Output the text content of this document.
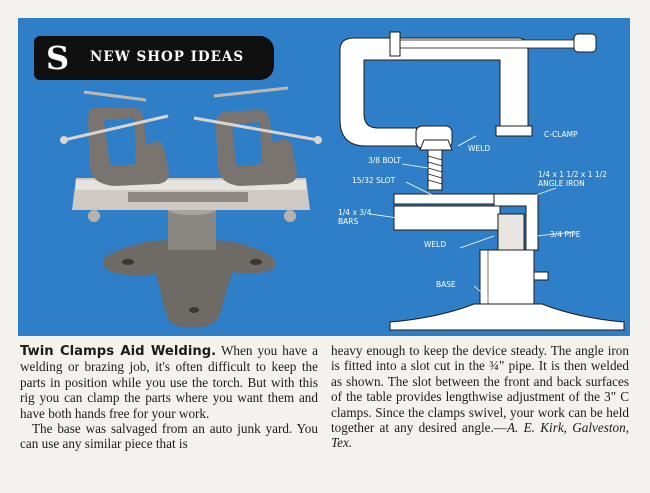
S NEW SHOP IDEAS
C-CLAMP
WELD
3/8 BOLT
15/32 SLOT
1/4 x 1 1/2 x 1 1/2 ANGLE IRON
1/4 x 3/4 BARS
3/4 PIPE
WELD
BASE

Twin Clamps Aid Welding. When you have a welding or brazing job, it's often difficult to keep the parts in position while you use the torch. But with this rig you can clamp the parts where you want them and have both hands free for your work.

The base was salvaged from an auto junk yard. You can use any similar piece that is

heavy enough to keep the device steady. The angle iron is fitted into a slot cut in the ¾" pipe. It is then welded as shown. The slot between the front and back surfaces of the table provides lengthwise adjustment of the 3" C clamps. Since the clamps swivel, your work can be held together at any desired angle.—A. E. Kirk, Galveston, Tex.
